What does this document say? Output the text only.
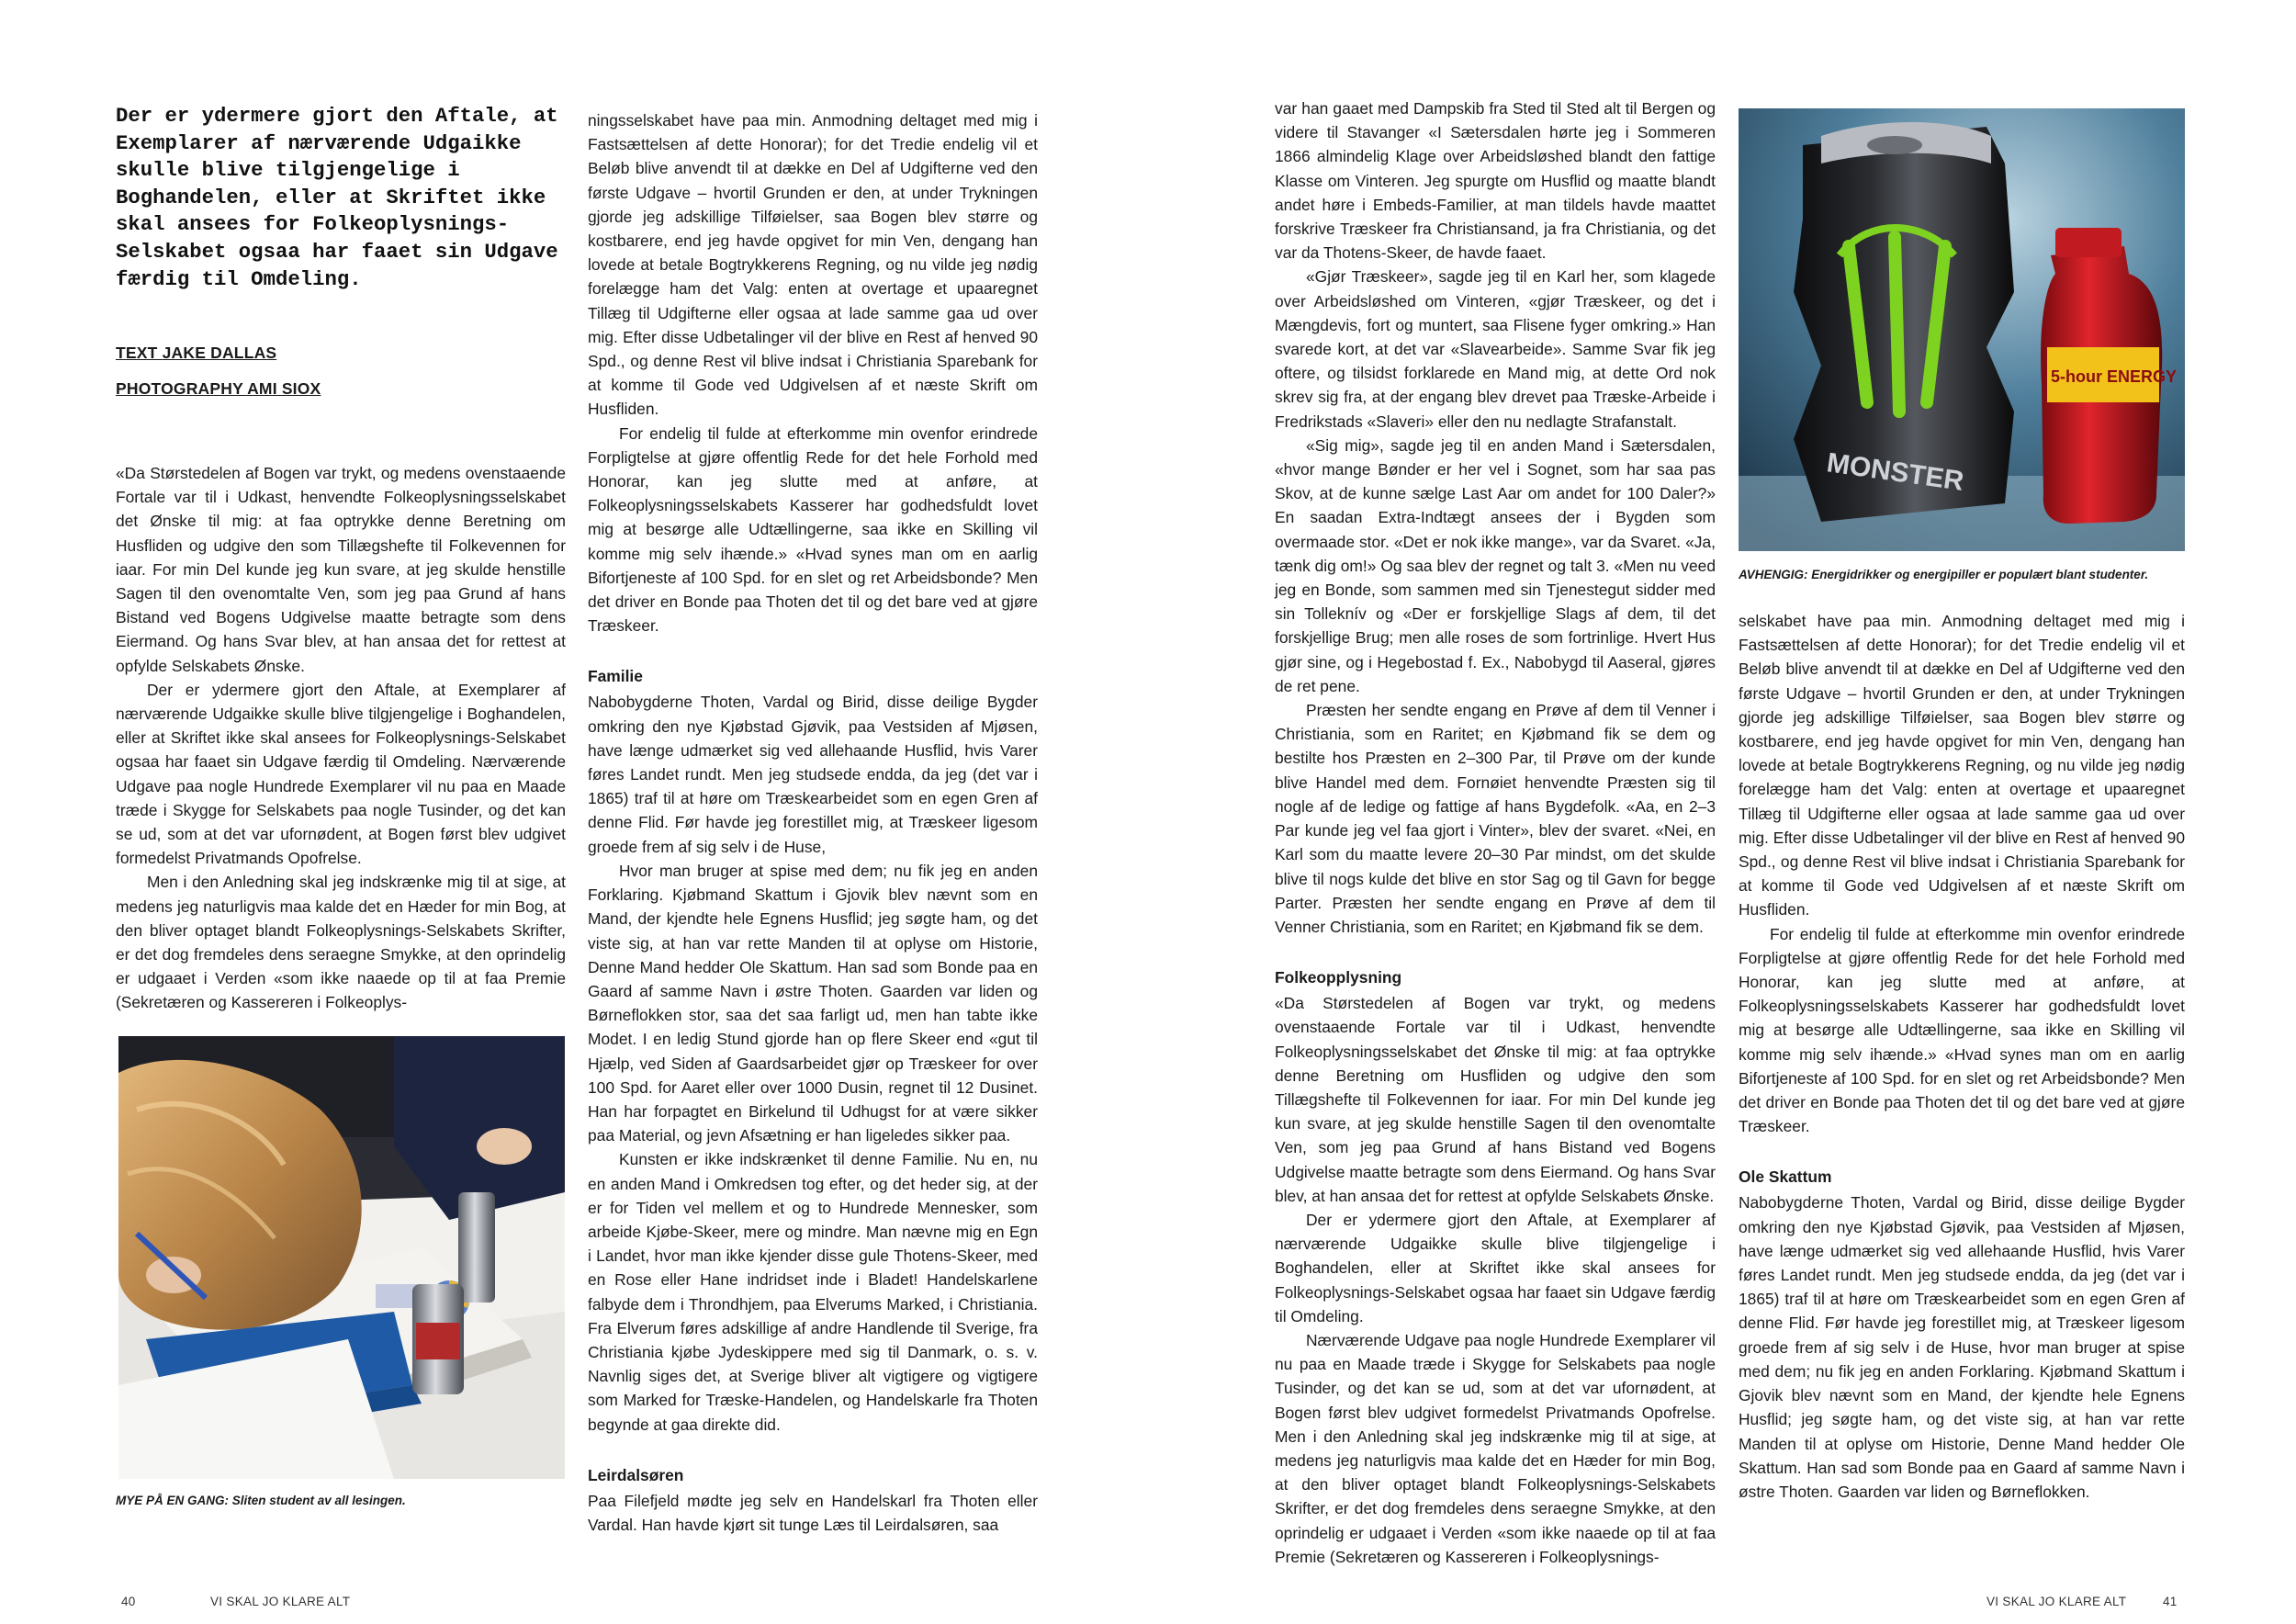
Der er ydermere gjort den Aftale, at Exemplarer af nærværende Udgaikke skulle blive tilgjengelige i Boghandelen, eller at Skriftet ikke skal ansees for Folkeoplysnings-Selskabet ogsaa har faaet sin Udgave færdig til Omdeling.
TEXT JAKE DALLAS
PHOTOGRAPHY AMI SIOX

«Da Størstedelen af Bogen var trykt, og medens ovenstaaende Fortale var til i Udkast, henvendte Folkeoplysningsselskabet det Ønske til mig: at faa optrykke denne Beretning om Husfliden og udgive den som Tillægshefte til Folkevennen for iaar. For min Del kunde jeg kun svare, at jeg skulde henstille Sagen til den ovenomtalte Ven, som jeg paa Grund af hans Bistand ved Bogens Udgivelse maatte betragte som dens Eiermand. Og hans Svar blev, at han ansaa det for rettest at opfylde Selskabets Ønske.

Der er ydermere gjort den Aftale, at Exemplarer af nærværende Udgaikke skulle blive tilgjengelige i Boghandelen, eller at Skriftet ikke skal ansees for Folkeoplysnings-Selskabet ogsaa har faaet sin Udgave færdig til Omdeling. Nærværende Udgave paa nogle Hundrede Exemplarer vil nu paa en Maade træde i Skygge for Selskabets paa nogle Tusinder, og det kan se ud, som at det var ufornødent, at Bogen først blev udgivet formedelst Privatmands Opofrelse.

Men i den Anledning skal jeg indskrænke mig til at sige, at medens jeg naturligvis maa kalde det en Hæder for min Bog, at den bliver optaget blandt Folkeoplysnings-Selskabets Skrifter, er det dog fremdeles dens seraegne Smykke, at den oprindelig er udgaaet i Verden «som ikke naaede op til at faa Premie (Sekretæren og Kassereren i Folkeoplys-

MYE PÅ EN GANG: Sliten student av all lesingen.

ningsselskabet have paa min. Anmodning deltaget med mig i Fastsættelsen af dette Honorar); for det Tredie endelig vil et Beløb blive anvendt til at dække en Del af Udgifterne ved den første Udgave – hvortil Grunden er den, at under Trykningen gjorde jeg adskillige Tilføielser, saa Bogen blev større og kostbarere, end jeg havde opgivet for min Ven, dengang han lovede at betale Bogtrykkerens Regning, og nu vilde jeg nødig forelægge ham det Valg: enten at overtage et upaaregnet Tillæg til Udgifterne eller ogsaa at lade samme gaa ud over mig. Efter disse Udbetalinger vil der blive en Rest af henved 90 Spd., og denne Rest vil blive indsat i Christiania Sparebank for at komme til Gode ved Udgivelsen af et næste Skrift om Husfliden.

For endelig til fulde at efterkomme min ovenfor erindrede Forpligtelse at gjøre offentlig Rede for det hele Forhold med Honorar, kan jeg slutte med at anføre, at Folkeoplysningsselskabets Kasserer har godhedsfuldt lovet mig at besørge alle Udtællingerne, saa ikke en Skilling vil komme mig selv ihænde.» «Hvad synes man om en aarlig Bifortjeneste af 100 Spd. for en slet og ret Arbeidsbonde? Men det driver en Bonde paa Thoten det til og det bare ved at gjøre Træskeer.

Familie

Nabobygderne Thoten, Vardal og Birid, disse deilige Bygder omkring den nye Kjøbstad Gjøvik, paa Vestsiden af Mjøsen, have længe udmærket sig ved allehaande Husflid, hvis Varer føres Landet rundt. Men jeg studsede endda, da jeg (det var i 1865) traf til at høre om Træskearbeidet som en egen Gren af denne Flid. Før havde jeg forestillet mig, at Træskeer ligesom groede frem af sig selv i de Huse,

Hvor man bruger at spise med dem; nu fik jeg en anden Forklaring. Kjøbmand Skattum i Gjovik blev nævnt som en Mand, der kjendte hele Egnens Husflid; jeg søgte ham, og det viste sig, at han var rette Manden til at oplyse om Historie, Denne Mand hedder Ole Skattum. Han sad som Bonde paa en Gaard af samme Navn i østre Thoten. Gaarden var liden og Børneflokken stor, saa det saa farligt ud, men han tabte ikke Modet. I en ledig Stund gjorde han op flere Skeer end «gut til Hjælp, ved Siden af Gaardsarbeidet gjør op Træskeer for over 100 Spd. for Aaret eller over 1000 Dusin, regnet til 12 Dusinet. Han har forpagtet en Birkelund til Udhugst for at være sikker paa Material, og jevn Afsætning er han ligeledes sikker paa.

Kunsten er ikke indskrænket til denne Familie. Nu en, nu en anden Mand i Omkredsen tog efter, og det heder sig, at der er for Tiden vel mellem et og to Hundrede Mennesker, som arbeide Kjøbe-Skeer, mere og mindre. Man nævne mig en Egn i Landet, hvor man ikke kjender disse gule Thotens-Skeer, med en Rose eller Hane indridset inde i Bladet! Handelskarlene falbyde dem i Throndhjem, paa Elverums Marked, i Christiania. Fra Elverum føres adskillige af andre Handlende til Sverige, fra Christiania kjøbe Jydeskippere med sig til Danmark, o. s. v. Navnlig siges det, at Sverige bliver alt vigtigere og vigtigere som Marked for Træske-Handelen, og Handelskarle fra Thoten begynde at gaa direkte did.

Leirdalsøren

Paa Filefjeld mødte jeg selv en Handelskarl fra Thoten eller Vardal. Han havde kjørt sit tunge Læs til Leirdalsøren, saa

var han gaaet med Dampskib fra Sted til Sted alt til Bergen og videre til Stavanger «I Sætersdalen hørte jeg i Sommeren 1866 almindelig Klage over Arbeidsløshed blandt den fattige Klasse om Vinteren. Jeg spurgte om Husflid og maatte blandt andet høre i Embeds-Familier, at man tildels havde maattet forskrive Træskeer fra Christiansand, ja fra Christiania, og det var da Thotens-Skeer, de havde faaet.

«Gjør Træskeer», sagde jeg til en Karl her, som klagede over Arbeidsløshed om Vinteren, «gjør Træskeer, og det i Mængdevis, fort og muntert, saa Flisene fyger omkring.» Han svarede kort, at det var «Slavearbeide». Samme Svar fik jeg oftere, og tilsidst forklarede en Mand mig, at dette Ord nok skrev sig fra, at der engang blev drevet paa Træske-Arbeide i Fredrikstads «Slaveri» eller den nu nedlagte Strafanstalt.

«Sig mig», sagde jeg til en anden Mand i Sætersdalen, «hvor mange Bønder er her vel i Sognet, som har saa pas Skov, at de kunne sælge Last Aar om andet for 100 Daler?» En saadan Extra-Indtægt ansees der i Bygden som overmaade stor. «Det er nok ikke mange», var da Svaret. «Ja, tænk dig om!» Og saa blev der regnet og talt 3. «Men nu veed jeg en Bonde, som sammen med sin Tjenestegut sidder med sin Tolleknív og «Der er forskjellige Slags af dem, til det forskjellige Brug; men alle roses de som fortrinlige. Hvert Hus gjør sine, og i Hegebostad f. Ex., Nabobygd til Aaseral, gjøres de ret pene.

Præsten her sendte engang en Prøve af dem til Venner i Christiania, som en Raritet; en Kjøbmand fik se dem og bestilte hos Præsten en 2–300 Par, til Prøve om der kunde blive Handel med dem. Fornøiet henvendte Præsten sig til nogle af de ledige og fattige af hans Bygdefolk. «Aa, en 2–3 Par kunde jeg vel faa gjort i Vinter», blev der svaret. «Nei, en Karl som du maatte levere 20–30 Par mindst, om det skulde blive til nogs kulde det blive en stor Sag og til Gavn for begge Parter. Præsten her sendte engang en Prøve af dem til Venner Christiania, som en Raritet; en Kjøbmand fik se dem.

Folkeopplysning

«Da Størstedelen af Bogen var trykt, og medens ovenstaaende Fortale var til i Udkast, henvendte Folkeoplysningsselskabet det Ønske til mig: at faa optrykke denne Beretning om Husfliden og udgive den som Tillægshefte til Folkevennen for iaar. For min Del kunde jeg kun svare, at jeg skulde henstille Sagen til den ovenomtalte Ven, som jeg paa Grund af hans Bistand ved Bogens Udgivelse maatte betragte som dens Eiermand. Og hans Svar blev, at han ansaa det for rettest at opfylde Selskabets Ønske.

Der er ydermere gjort den Aftale, at Exemplarer af nærværende Udgaikke skulle blive tilgjengelige i Boghandelen, eller at Skriftet ikke skal ansees for Folkeoplysnings-Selskabet ogsaa har faaet sin Udgave færdig til Omdeling.

Nærværende Udgave paa nogle Hundrede Exemplarer vil nu paa en Maade træde i Skygge for Selskabets paa nogle Tusinder, og det kan se ud, som at det var ufornødent, at Bogen først blev udgivet formedelst Privatmands Opofrelse. Men i den Anledning skal jeg indskrænke mig til at sige, at medens jeg naturligvis maa kalde det en Hæder for min Bog, at den bliver optaget blandt Folkeoplysnings-Selskabets Skrifter, er det dog fremdeles dens seraegne Smykke, at den oprindelig er udgaaet i Verden «som ikke naaede op til at faa Premie (Sekretæren og Kassereren i Folkeoplysnings-

MONSTER
5-hour ENERGY
AVHENGIG: Energidrikker og energipiller er populært blant studenter.

selskabet have paa min. Anmodning deltaget med mig i Fastsættelsen af dette Honorar); for det Tredie endelig vil et Beløb blive anvendt til at dække en Del af Udgifterne ved den første Udgave – hvortil Grunden er den, at under Trykningen gjorde jeg adskillige Tilføielser, saa Bogen blev større og kostbarere, end jeg havde opgivet for min Ven, dengang han lovede at betale Bogtrykkerens Regning, og nu vilde jeg nødig forelægge ham det Valg: enten at overtage et upaaregnet Tillæg til Udgifterne eller ogsaa at lade samme gaa ud over mig. Efter disse Udbetalinger vil der blive en Rest af henved 90 Spd., og denne Rest vil blive indsat i Christiania Sparebank for at komme til Gode ved Udgivelsen af et næste Skrift om Husfliden.

For endelig til fulde at efterkomme min ovenfor erindrede Forpligtelse at gjøre offentlig Rede for det hele Forhold med Honorar, kan jeg slutte med at anføre, at Folkeoplysningsselskabets Kasserer har godhedsfuldt lovet mig at besørge alle Udtællingerne, saa ikke en Skilling vil komme mig selv ihænde.» «Hvad synes man om en aarlig Bifortjeneste af 100 Spd. for en slet og ret Arbeidsbonde? Men det driver en Bonde paa Thoten det til og det bare ved at gjøre Træskeer.

Ole Skattum

Nabobygderne Thoten, Vardal og Birid, disse deilige Bygder omkring den nye Kjøbstad Gjøvik, paa Vestsiden af Mjøsen, have længe udmærket sig ved allehaande Husflid, hvis Varer føres Landet rundt. Men jeg studsede endda, da jeg (det var i 1865) traf til at høre om Træskearbeidet som en egen Gren af denne Flid. Før havde jeg forestillet mig, at Træskeer ligesom groede frem af sig selv i de Huse, hvor man bruger at spise med dem; nu fik jeg en anden Forklaring. Kjøbmand Skattum i Gjovik blev nævnt som en Mand, der kjendte hele Egnens Husflid; jeg søgte ham, og det viste sig, at han var rette Manden til at oplyse om Historie, Denne Mand hedder Ole Skattum. Han sad som Bonde paa en Gaard af samme Navn i østre Thoten. Gaarden var liden og Børneflokken.

40	VI SKAL JO KLARE ALT	VI SKAL JO KLARE ALT	41
